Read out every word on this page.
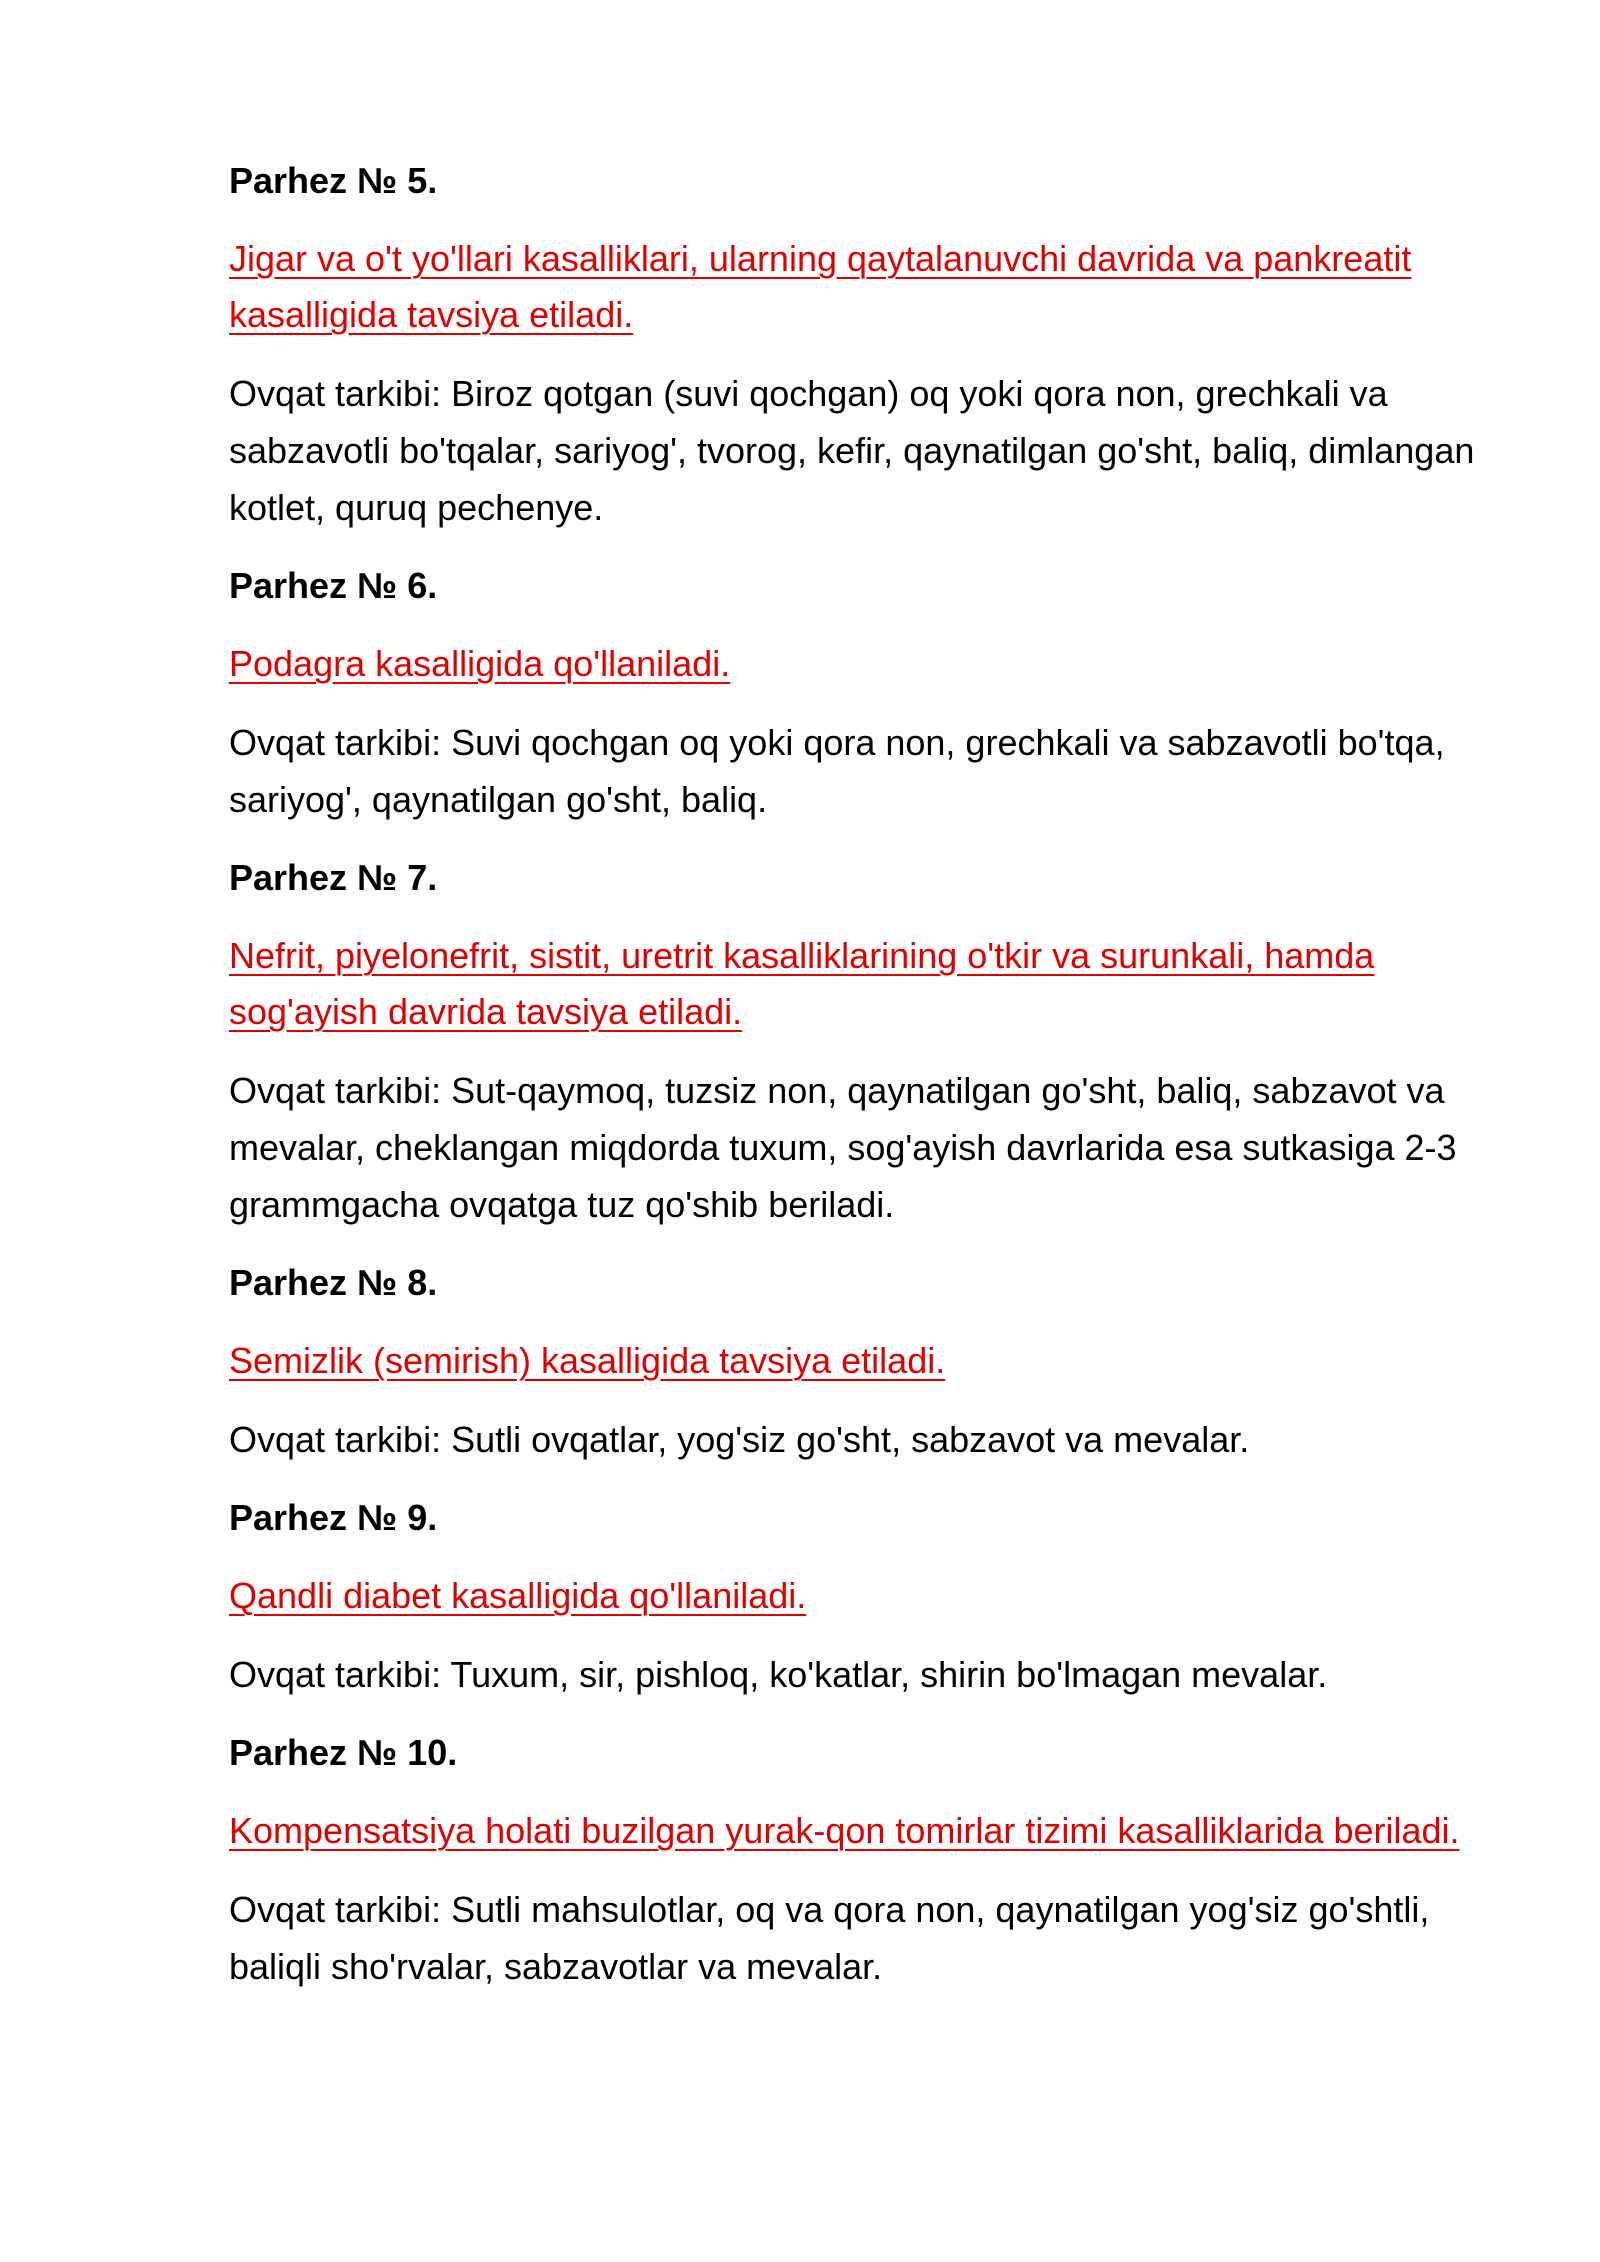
Parhez № 5.

Jigar va o't yo'llari kasalliklari, ularning qaytalanuvchi davrida va pankreatit kasalligida tavsiya etiladi.

Ovqat tarkibi: Biroz qotgan (suvi qochgan) oq yoki qora non, grechkali va sabzavotli bo'tqalar, sariyog', tvorog, kefir, qaynatilgan go'sht, baliq, dimlangan kotlet, quruq pechenye.

Parhez № 6.

Podagra kasalligida qo'llaniladi.

Ovqat tarkibi: Suvi qochgan oq yoki qora non, grechkali va sabzavotli bo'tqa, sariyog', qaynatilgan go'sht, baliq.

Parhez № 7.

Nefrit, piyelonefrit, sistit, uretrit kasalliklarining o'tkir va surunkali, hamda sog'ayish davrida tavsiya etiladi.

Ovqat tarkibi: Sut-qaymoq, tuzsiz non, qaynatilgan go'sht, baliq, sabzavot va mevalar, cheklangan miqdorda tuxum, sog'ayish davrlarida esa sutkasiga 2-3 grammgacha ovqatga tuz qo'shib beriladi.

Parhez № 8.

Semizlik (semirish) kasalligida tavsiya etiladi.

Ovqat tarkibi: Sutli ovqatlar, yog'siz go'sht, sabzavot va mevalar.

Parhez № 9.

Qandli diabet kasalligida qo'llaniladi.

Ovqat tarkibi: Tuxum, sir, pishloq, ko'katlar, shirin bo'lmagan mevalar.

Parhez № 10.

Kompensatsiya holati buzilgan yurak-qon tomirlar tizimi kasalliklarida beriladi.

Ovqat tarkibi: Sutli mahsulotlar, oq va qora non, qaynatilgan yog'siz go'shtli, baliqli sho'rvalar, sabzavotlar va mevalar.
